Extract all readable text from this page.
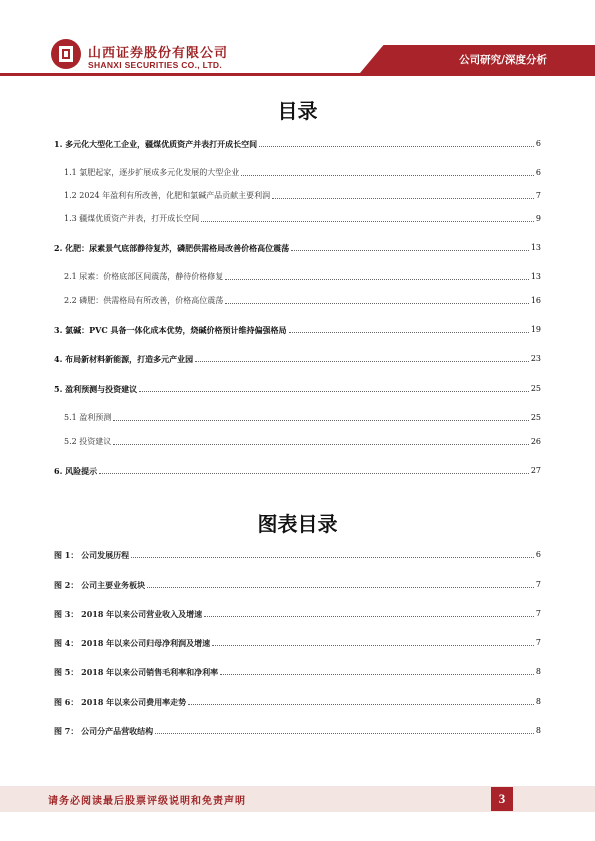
山西证券股份有限公司
SHANXI SECURITIES CO., LTD.	公司研究/深度分析
目录
1. 多元化大型化工企业，疆煤优质资产并表打开成长空间	6
1.1 氯肥起家，逐步扩展成多元化发展的大型企业	6
1.2 2024 年盈利有所改善，化肥和氯碱产品贡献主要利润	7
1.3 疆煤优质资产并表，打开成长空间	9
2. 化肥：尿素景气底部静待复苏，磷肥供需格局改善价格高位震荡	13
2.1 尿素：价格底部区间震荡，静待价格修复	13
2.2 磷肥：供需格局有所改善，价格高位震荡	16
3. 氯碱：PVC 具备一体化成本优势，烧碱价格预计维持偏强格局	19
4. 布局新材料新能源，打造多元产业园	23
5. 盈利预测与投资建议	25
5.1 盈利预测	25
5.2 投资建议	26
6. 风险提示	27
图表目录
图 1： 公司发展历程	6
图 2： 公司主要业务板块	7
图 3： 2018 年以来公司营业收入及增速	7
图 4： 2018 年以来公司归母净利润及增速	7
图 5： 2018 年以来公司销售毛利率和净利率	8
图 6： 2018 年以来公司费用率走势	8
图 7： 公司分产品营收结构	8
请务必阅读最后股票评级说明和免责声明	3
